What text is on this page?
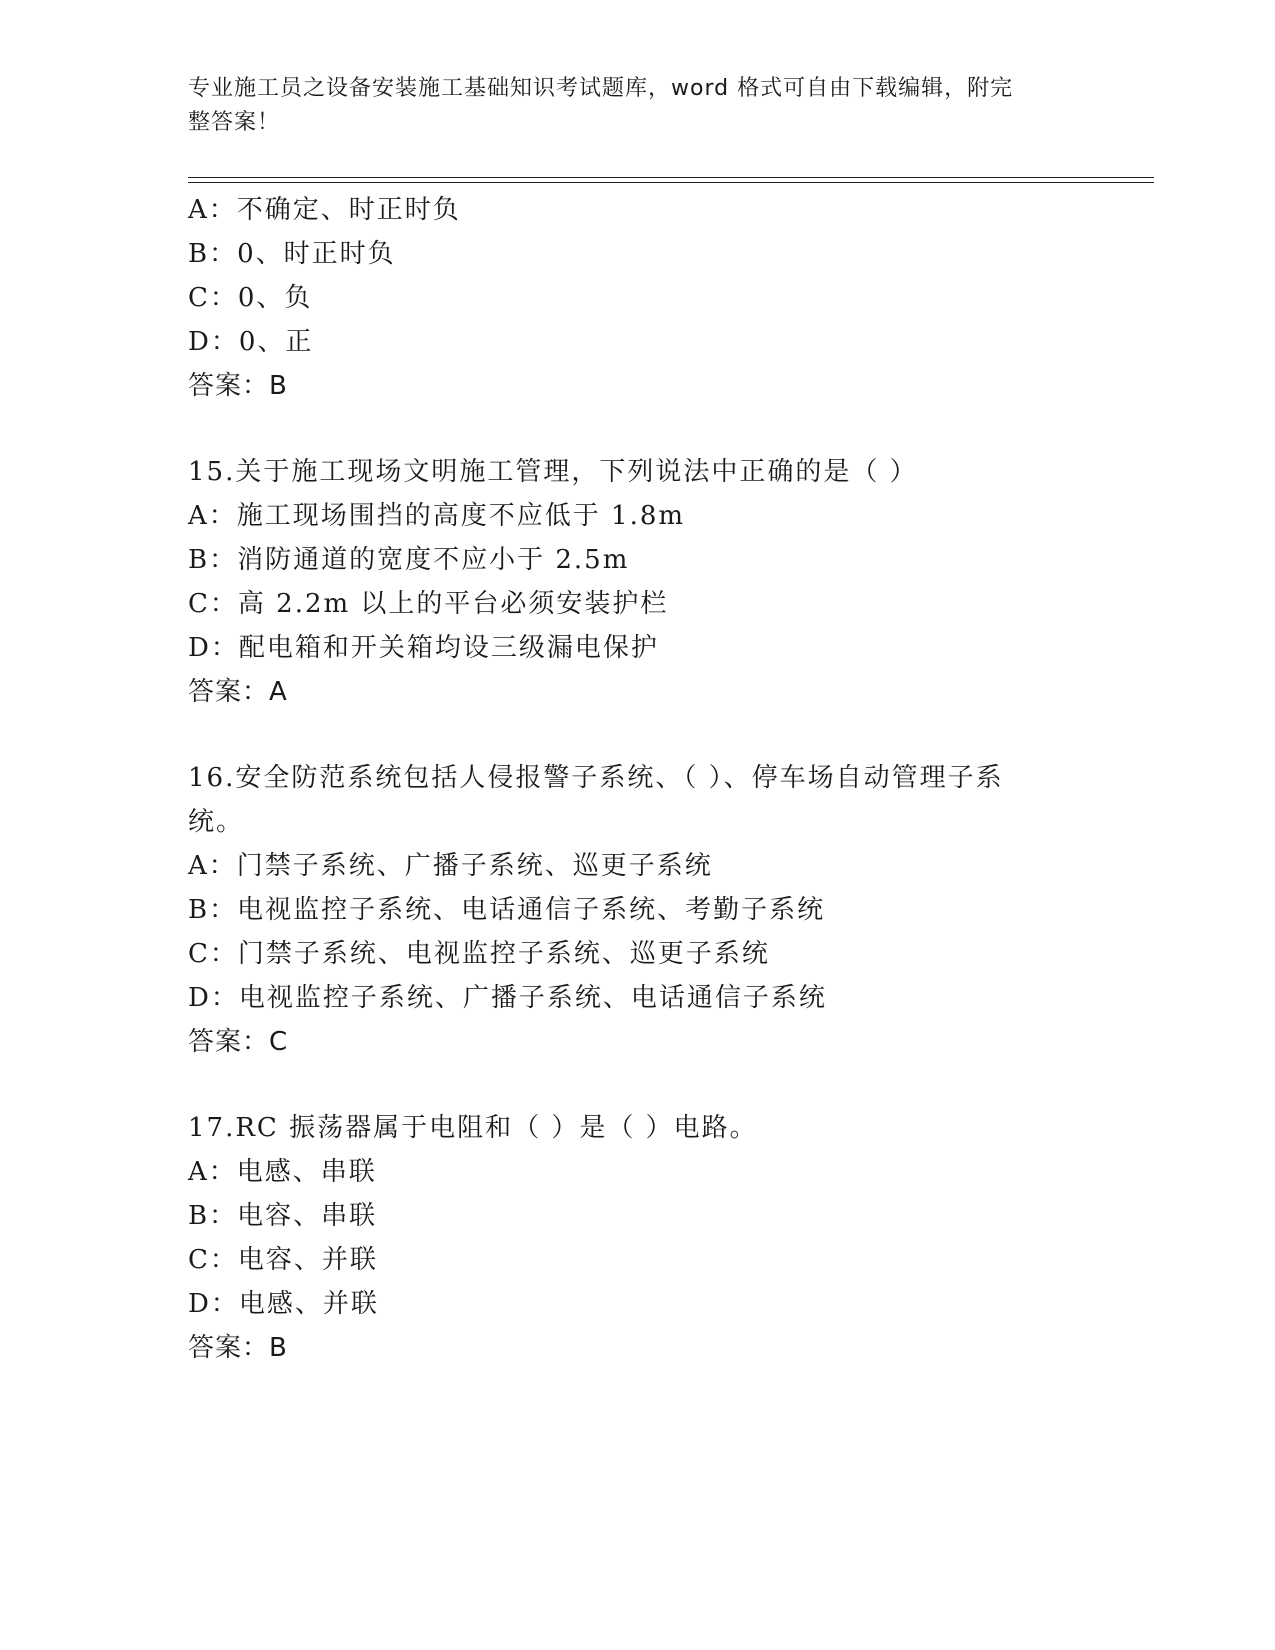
专业施工员之设备安装施工基础知识考试题库，word 格式可自由下载编辑，附完
整答案！
A：不确定、时正时负
B：0、时正时负
C：0、负
D：0、正
答案：B
15.关于施工现场文明施工管理，下列说法中正确的是（ ）
A：施工现场围挡的高度不应低于 1.8m
B：消防通道的宽度不应小于 2.5m
C：高 2.2m 以上的平台必须安装护栏
D：配电箱和开关箱均设三级漏电保护
答案：A
16.安全防范系统包括人侵报警子系统、（ ）、停车场自动管理子系
统。
A：门禁子系统、广播子系统、巡更子系统
B：电视监控子系统、电话通信子系统、考勤子系统
C：门禁子系统、电视监控子系统、巡更子系统
D：电视监控子系统、广播子系统、电话通信子系统
答案：C
17.RC 振荡器属于电阻和（ ）是（ ）电路。
A：电感、串联
B：电容、串联
C：电容、并联
D：电感、并联
答案：B
